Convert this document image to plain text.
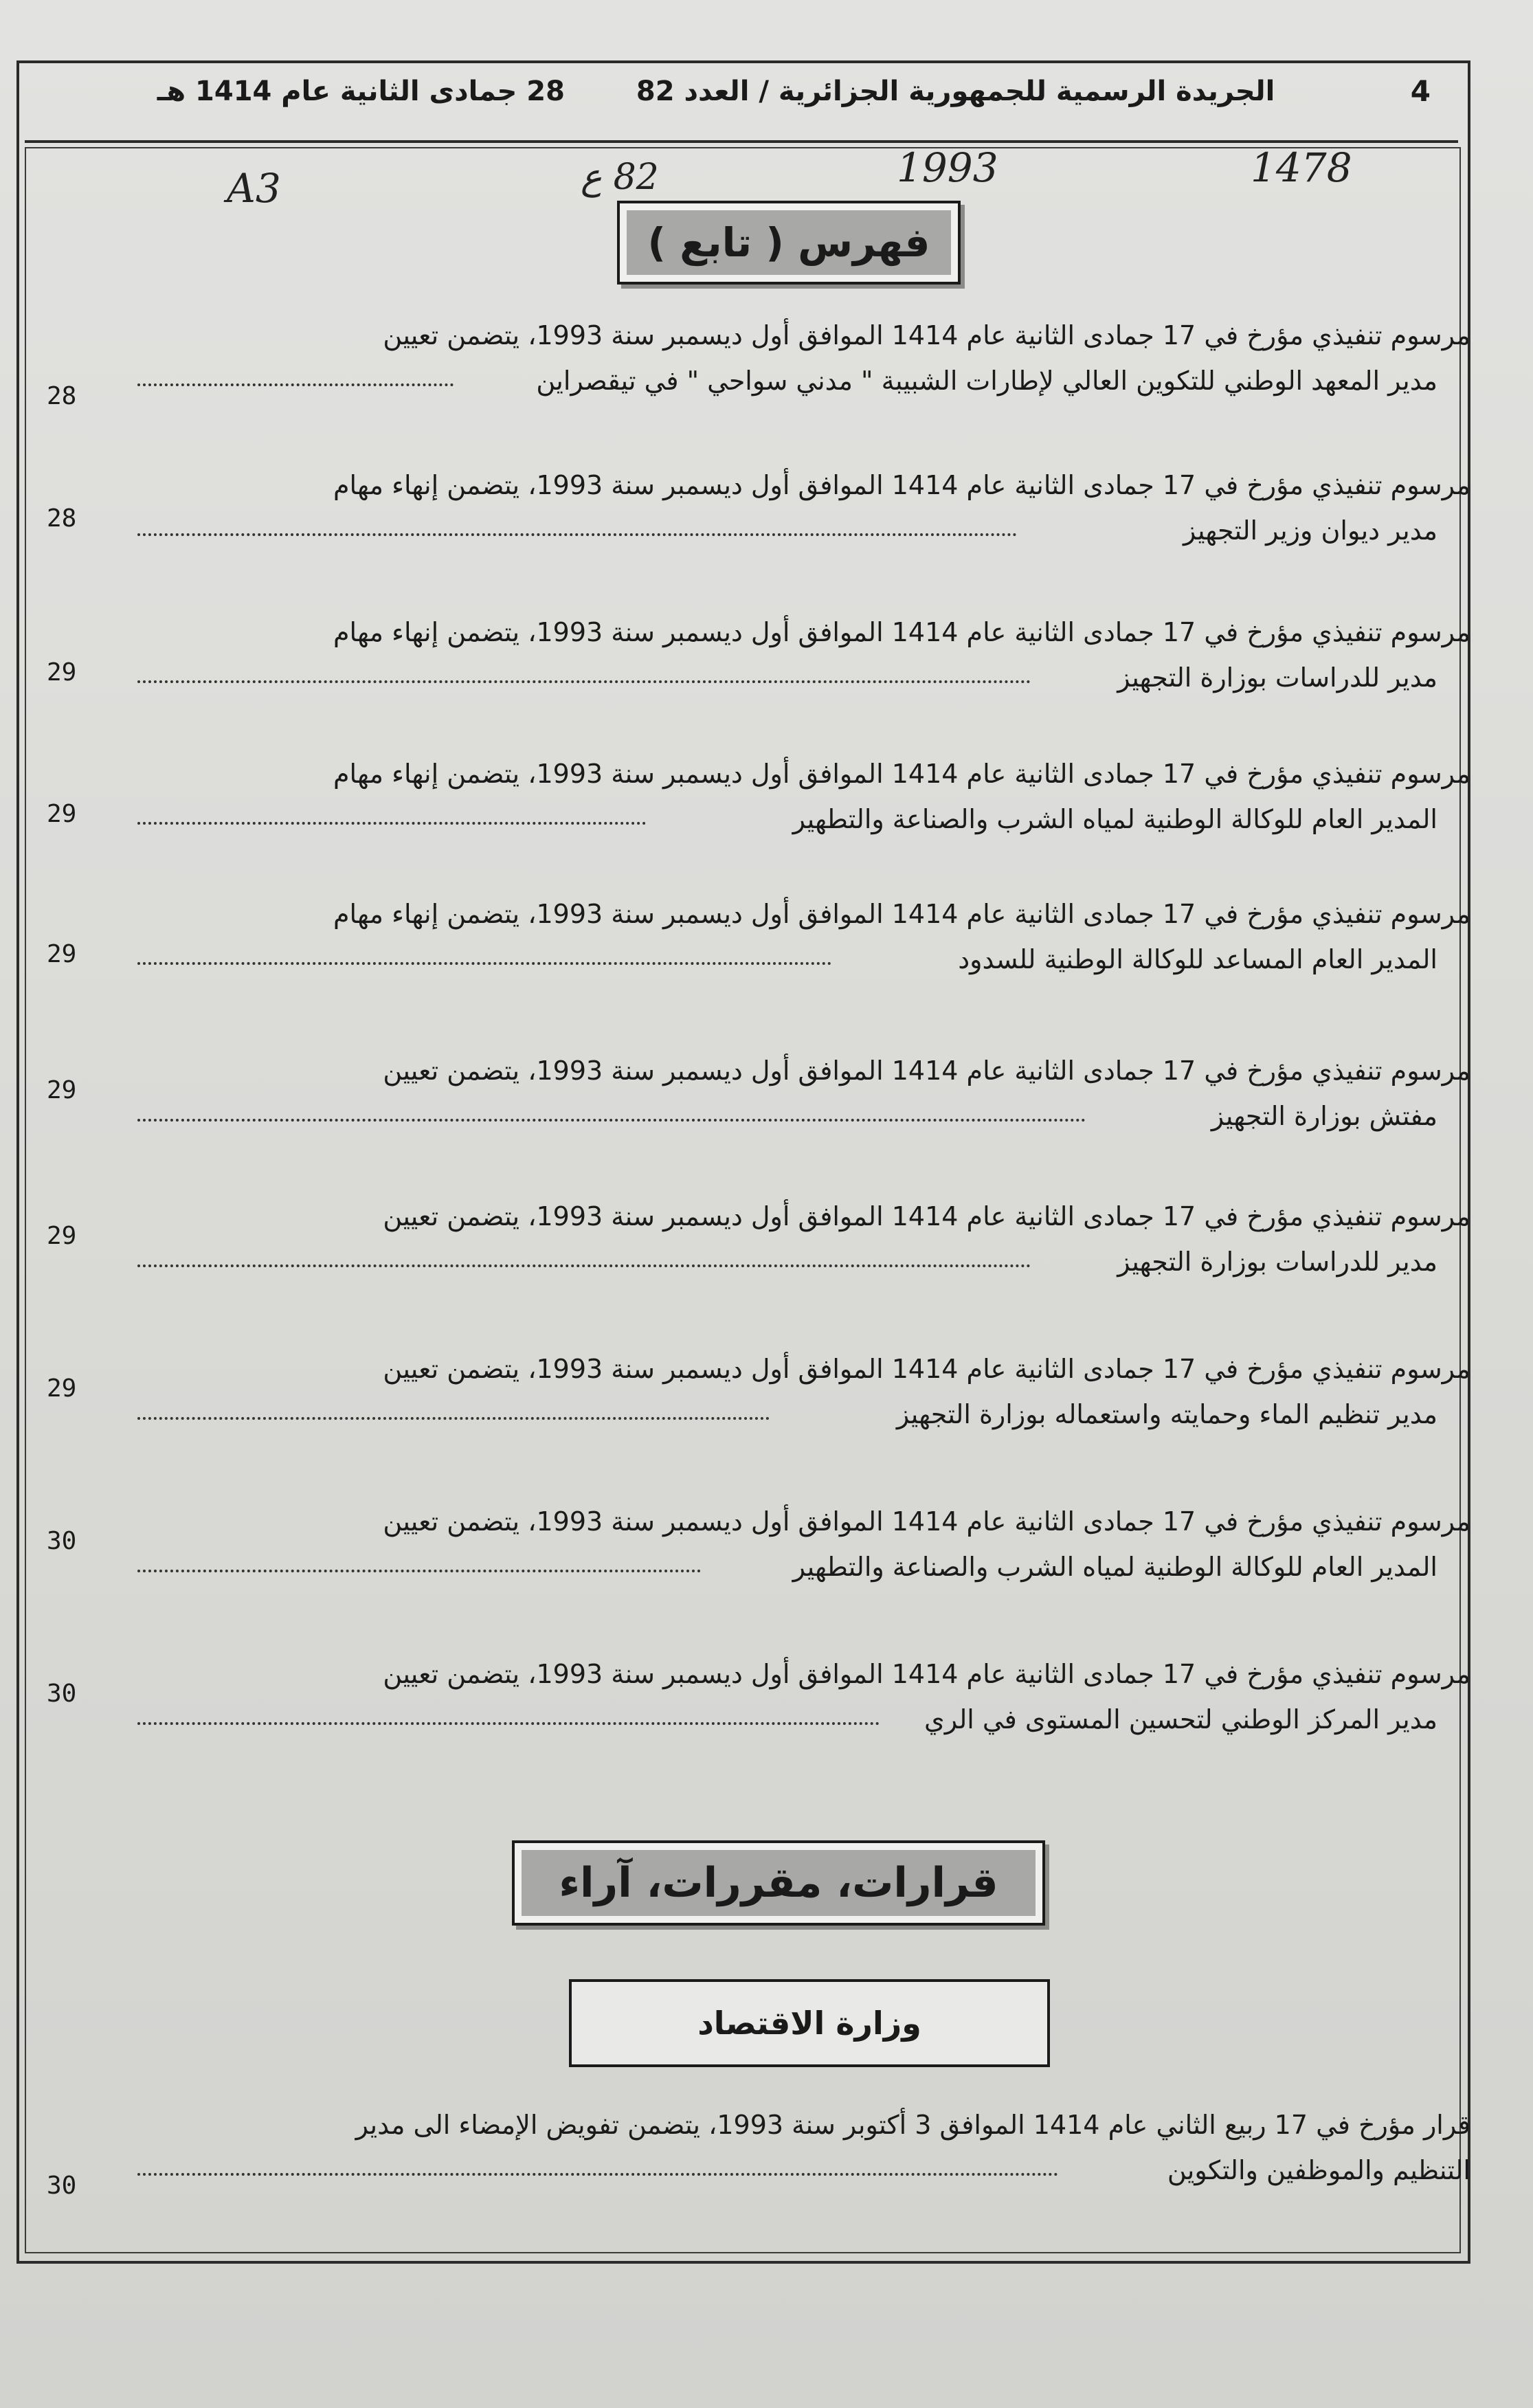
الجريدة الرسمية للجمهورية الجزائرية / العدد 82 28 جمادى الثانية عام 1414 هـ	4
A3	82 ع	1993	1478
فهرس ( تابع )
مرسوم تنفيذي مؤرخ في 17 جمادى الثانية عام 1414 الموافق أول ديسمبر سنة 1993، يتضمن تعيين
مدير المعهد الوطني للتكوين العالي لإطارات الشبيبة " مدني سواحي " في تيقصراين
28
مرسوم تنفيذي مؤرخ في 17 جمادى الثانية عام 1414 الموافق أول ديسمبر سنة 1993، يتضمن إنهاء مهام
مدير ديوان وزير التجهيز
28
مرسوم تنفيذي مؤرخ في 17 جمادى الثانية عام 1414 الموافق أول ديسمبر سنة 1993، يتضمن إنهاء مهام
مدير للدراسات بوزارة التجهيز
29
مرسوم تنفيذي مؤرخ في 17 جمادى الثانية عام 1414 الموافق أول ديسمبر سنة 1993، يتضمن إنهاء مهام
المدير العام للوكالة الوطنية لمياه الشرب والصناعة والتطهير
29
مرسوم تنفيذي مؤرخ في 17 جمادى الثانية عام 1414 الموافق أول ديسمبر سنة 1993، يتضمن إنهاء مهام
المدير العام المساعد للوكالة الوطنية للسدود
29
مرسوم تنفيذي مؤرخ في 17 جمادى الثانية عام 1414 الموافق أول ديسمبر سنة 1993، يتضمن تعيين
مفتش بوزارة التجهيز
29
مرسوم تنفيذي مؤرخ في 17 جمادى الثانية عام 1414 الموافق أول ديسمبر سنة 1993، يتضمن تعيين
مدير للدراسات بوزارة التجهيز
29
مرسوم تنفيذي مؤرخ في 17 جمادى الثانية عام 1414 الموافق أول ديسمبر سنة 1993، يتضمن تعيين
مدير تنظيم الماء وحمايته واستعماله بوزارة التجهيز
29
مرسوم تنفيذي مؤرخ في 17 جمادى الثانية عام 1414 الموافق أول ديسمبر سنة 1993، يتضمن تعيين
المدير العام للوكالة الوطنية لمياه الشرب والصناعة والتطهير
30
مرسوم تنفيذي مؤرخ في 17 جمادى الثانية عام 1414 الموافق أول ديسمبر سنة 1993، يتضمن تعيين
مدير المركز الوطني لتحسين المستوى في الري
30
قرارات، مقررات، آراء
وزارة الاقتصاد
قرار مؤرخ في 17 ربيع الثاني عام 1414 الموافق 3 أكتوبر سنة 1993، يتضمن تفويض الإمضاء الى مدير
التنظيم والموظفين والتكوين
30
